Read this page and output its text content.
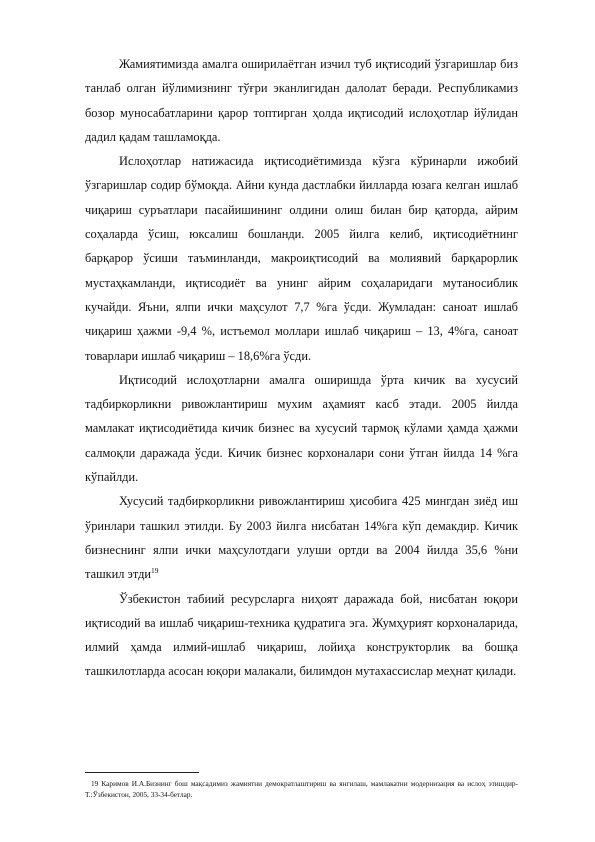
Жамиятимизда амалга оширилаётган изчил туб иқтисодий ўзгаришлар биз танлаб олган йўлимизнинг тўғри эканлигидан далолат беради. Республикамиз бозор муносабатларини қарор топтирган ҳолда иқтисодий ислоҳотлар йўлидан дадил қадам ташламоқда.

Ислоҳотлар натижасида иқтисодиётимизда кўзга кўринарли ижобий ўзгаришлар содир бўмоқда. Айни кунда дастлабки йилларда юзага келган ишлаб чиқариш суръатлари пасайишининг олдини олиш билан бир қаторда, айрим соҳаларда ўсиш, юксалиш бошланди. 2005 йилга келиб, иқтисодиётнинг барқарор ўсиши таъминланди, макроиқтисодий ва молиявий барқарорлик мустаҳкамланди, иқтисодиёт ва унинг айрим соҳаларидаги мутаносиблик кучайди. Яъни, ялпи ички маҳсулот 7,7 %га ўсди. Жумладан: саноат ишлаб чиқариш ҳажми -9,4 %, истъемол моллари ишлаб чиқариш – 13, 4%га, саноат товарлари ишлаб чиқариш – 18,6%га ўсди.

Иқтисодий ислоҳотларни амалга оширишда ўрта кичик ва хусусий тадбиркорликни ривожлантириш мухим аҳамият касб этади. 2005 йилда мамлакат иқтисодиётида кичик бизнес ва хусусий тармоқ кўлами ҳамда ҳажми салмоқли даражада ўсди. Кичик бизнес корхоналари сони ўтган йилда 14 %га кўпайлди.

Хусусий тадбиркорликни ривожлантириш ҳисобига 425 мингдан зиёд иш ўринлари ташкил этилди. Бу 2003 йилга нисбатан 14%га кўп демакдир. Кичик бизнеснинг ялпи ички маҳсулотдаги улуши ортди ва 2004 йилда 35,6 %ни ташкил этди$^{19}$

Ўзбекистон табиий ресурсларга ниҳоят даражада бой, нисбатан юқори иқтисодий ва ишлаб чиқариш-техника қудратига эга. Жумҳурият корхоналарида, илмий ҳамда илмий-ишлаб чиқариш, лойиҳа конструкторлик ва бошқа ташкилотларда асосан юқори малакали, билимдон мутахассислар меҳнат қилади.

19 Каримов И.А.Бизнинг бош мақсадимиз жамиятни демократлаштириш ва янгилаш, мамлакатни модернизация ва ислоҳ этишдир-Т.:Ўзбекистон, 2005, 33-34-бетлар.
